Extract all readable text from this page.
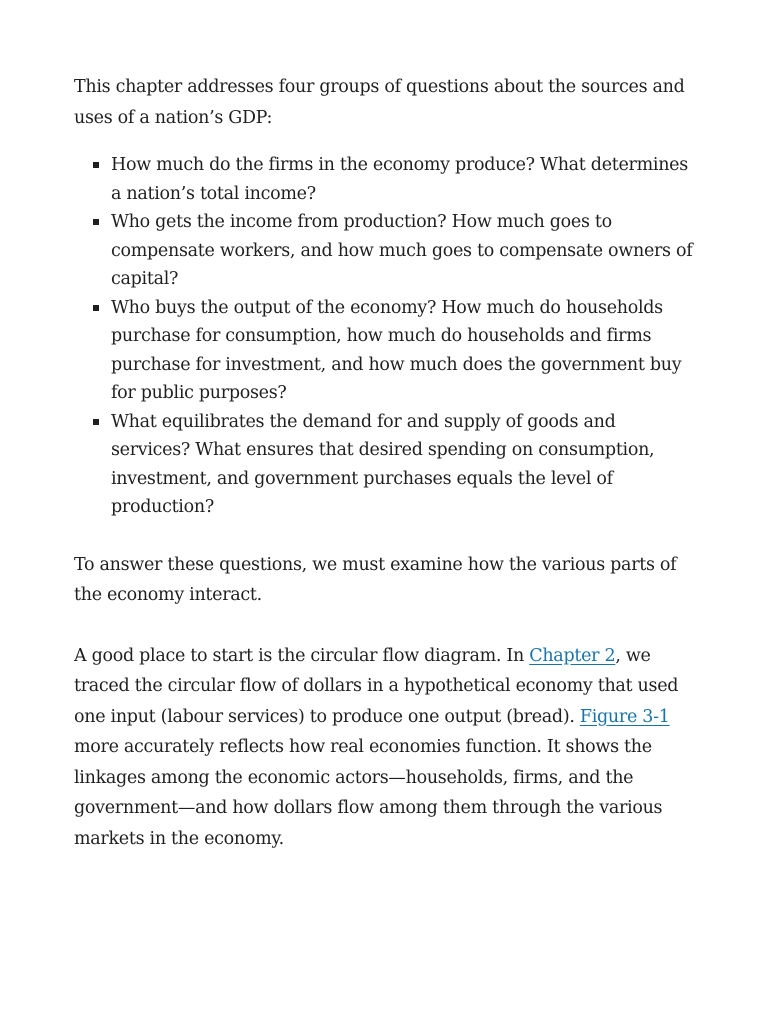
This chapter addresses four groups of questions about the sources and uses of a nation’s GDP:

How much do the firms in the economy produce? What determines a nation’s total income?
Who gets the income from production? How much goes to compensate workers, and how much goes to compensate owners of capital?
Who buys the output of the economy? How much do households purchase for consumption, how much do households and firms purchase for investment, and how much does the government buy for public purposes?
What equilibrates the demand for and supply of goods and services? What ensures that desired spending on consumption, investment, and government purchases equals the level of production?

To answer these questions, we must examine how the various parts of the economy interact.

A good place to start is the circular flow diagram. In Chapter 2, we traced the circular flow of dollars in a hypothetical economy that used one input (labour services) to produce one output (bread). Figure 3-1 more accurately reflects how real economies function. It shows the linkages among the economic actors—households, firms, and the government—and how dollars flow among them through the various markets in the economy.
